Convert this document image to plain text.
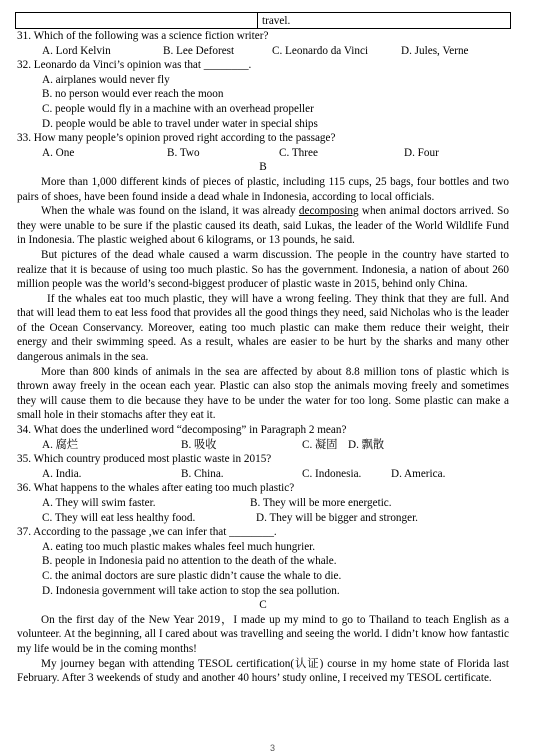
travel.

31. Which of the following was a science fiction writer?

A. Lord Kelvin	B. Lee Deforest	C. Leonardo da Vinci	D. Jules, Verne

32. Leonardo da Vinci’s opinion was that ________.

A. airplanes would never fly

B. no person would ever reach the moon

C. people would fly in a machine with an overhead propeller

D. people would be able to travel under water in special ships

33. How many people’s opinion proved right according to the passage?

A. One	B. Two	C. Three	D. Four

B

More than 1,000 different kinds of pieces of plastic, including 115 cups, 25 bags, four bottles and two pairs of shoes, have been found inside a dead whale in Indonesia, according to local officials.

When the whale was found on the island, it was already decomposing when animal doctors arrived. So they were unable to be sure if the plastic caused its death, said Lukas, the leader of the World Wildlife Fund in Indonesia. The plastic weighed about 6 kilograms, or 13 pounds, he said.

But pictures of the dead whale caused a warm discussion. The people in the country have started to realize that it is because of using too much plastic. So has the government. Indonesia, a nation of about 260 million people was the world’s second-biggest producer of plastic waste in 2015, behind only China.

If the whales eat too much plastic, they will have a wrong feeling. They think that they are full. And that will lead them to eat less food that provides all the good things they need, said Nicholas who is the leader of the Ocean Conservancy. Moreover, eating too much plastic can make them reduce their weight, their energy and their swimming speed. As a result, whales are easier to be hurt by the sharks and many other dangerous animals in the sea.

More than 800 kinds of animals in the sea are affected by about 8.8 million tons of plastic which is thrown away freely in the ocean each year. Plastic can also stop the animals moving freely and sometimes they will cause them to die because they have to be under the water for too long. Some plastic can make a small hole in their stomachs after they eat it.

34. What does the underlined word “decomposing” in Paragraph 2 mean?

A. 腐烂	B. 吸收	C. 凝固 D. 飘散

35. Which country produced most plastic waste in 2015?

A. India.	B. China.	C. Indonesia.	D. America.

36. What happens to the whales after eating too much plastic?

A. They will swim faster.	B. They will be more energetic.
C. They will eat less healthy food.	D. They will be bigger and stronger.

37. According to the passage ,we can infer that ________.

A. eating too much plastic makes whales feel much hungrier.

B. people in Indonesia paid no attention to the death of the whale.

C. the animal doctors are sure plastic didn’t cause the whale to die.

D. Indonesia government will take action to stop the sea pollution.

C

On the first day of the New Year 2019，I made up my mind to go to Thailand to teach English as a volunteer. At the beginning, all I cared about was travelling and seeing the world. I didn’t know how fantastic my life would be in the coming months!

My journey began with attending TESOL certification(认证) course in my home state of Florida last February. After 3 weekends of study and another 40 hours’ study online, I received my TESOL certificate.

3
